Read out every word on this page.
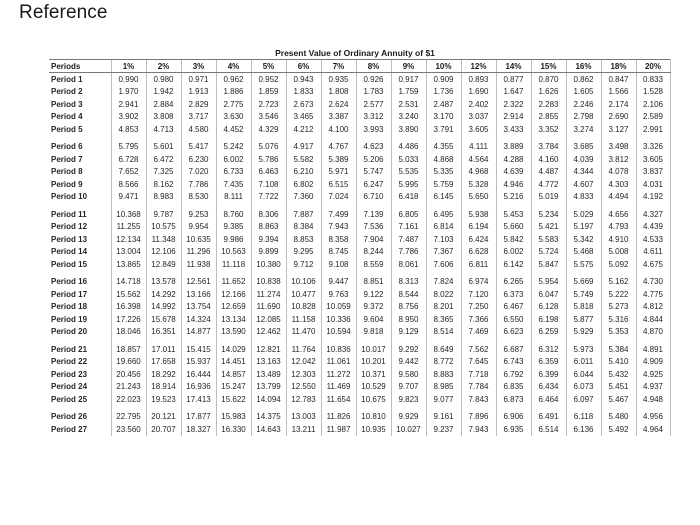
Reference
Present Value of Ordinary Annuity of $1
Periods	1%	2%	3%	4%	5%	6%	7%	8%	9%	10%	12%	14%	15%	16%	18%	20%
Period 1	0.990	0.980	0.971	0.962	0.952	0.943	0.935	0.926	0.917	0.909	0.893	0.877	0.870	0.862	0.847	0.833
Period 2	1.970	1.942	1.913	1.886	1.859	1.833	1.808	1.783	1.759	1.736	1.690	1.647	1.626	1.605	1.566	1.528
Period 3	2.941	2.884	2.829	2.775	2.723	2.673	2.624	2.577	2.531	2.487	2.402	2.322	2.283	2.246	2.174	2.106
Period 4	3.902	3.808	3.717	3.630	3.546	3.465	3.387	3.312	3.240	3.170	3.037	2.914	2.855	2.798	2.690	2.589
Period 5	4.853	4.713	4.580	4.452	4.329	4.212	4.100	3.993	3.890	3.791	3.605	3.433	3.352	3.274	3.127	2.991
Period 6	5.795	5.601	5.417	5.242	5.076	4.917	4.767	4.623	4.486	4.355	4.111	3.889	3.784	3.685	3.498	3.326
Period 7	6.728	6.472	6.230	6.002	5.786	5.582	5.389	5.206	5.033	4.868	4.564	4.288	4.160	4.039	3.812	3.605
Period 8	7.652	7.325	7.020	6.733	6.463	6.210	5.971	5.747	5.535	5.335	4.968	4.639	4.487	4.344	4.078	3.837
Period 9	8.566	8.162	7.786	7.435	7.108	6.802	6.515	6.247	5.995	5.759	5.328	4.946	4.772	4.607	4.303	4.031
Period 10	9.471	8.983	8.530	8.111	7.722	7.360	7.024	6.710	6.418	6.145	5.650	5.216	5.019	4.833	4.494	4.192
Period 11	10.368	9.787	9.253	8.760	8.306	7.887	7.499	7.139	6.805	6.495	5.938	5.453	5.234	5.029	4.656	4.327
Period 12	11.255	10.575	9.954	9.385	8.863	8.384	7.943	7.536	7.161	6.814	6.194	5.660	5.421	5.197	4.793	4.439
Period 13	12.134	11.348	10.635	9.986	9.394	8.853	8.358	7.904	7.487	7.103	6.424	5.842	5.583	5.342	4.910	4.533
Period 14	13.004	12.106	11.296	10.563	9.899	9.295	8.745	8.244	7.786	7.367	6.628	6.002	5.724	5.468	5.008	4.611
Period 15	13.865	12.849	11.938	11.118	10.380	9.712	9.108	8.559	8.061	7.606	6.811	6.142	5.847	5.575	5.092	4.675
Period 16	14.718	13.578	12.561	11.652	10.838	10.106	9.447	8.851	8.313	7.824	6.974	6.265	5.954	5.669	5.162	4.730
Period 17	15.562	14.292	13.166	12.166	11.274	10.477	9.763	9.122	8.544	8.022	7.120	6.373	6.047	5.749	5.222	4.775
Period 18	16.398	14.992	13.754	12.659	11.690	10.828	10.059	9.372	8.756	8.201	7.250	6.467	6.128	5.818	5.273	4.812
Period 19	17.226	15.678	14.324	13.134	12.085	11.158	10.336	9.604	8.950	8.365	7.366	6.550	6.198	5.877	5.316	4.844
Period 20	18.046	16.351	14.877	13.590	12.462	11.470	10.594	9.818	9.129	8.514	7.469	6.623	6.259	5.929	5.353	4.870
Period 21	18.857	17.011	15.415	14.029	12.821	11.764	10.836	10.017	9.292	8.649	7.562	6.687	6.312	5.973	5.384	4.891
Period 22	19.660	17.658	15.937	14.451	13.163	12.042	11.061	10.201	9.442	8.772	7.645	6.743	6.359	6.011	5.410	4.909
Period 23	20.456	18.292	16.444	14.857	13.489	12.303	11.272	10.371	9.580	8.883	7.718	6.792	6.399	6.044	5.432	4.925
Period 24	21.243	18.914	16.936	15.247	13.799	12.550	11.469	10.529	9.707	8.985	7.784	6.835	6.434	6.073	5.451	4.937
Period 25	22.023	19.523	17.413	15.622	14.094	12.783	11.654	10.675	9.823	9.077	7.843	6.873	6.464	6.097	5.467	4.948
Period 26	22.795	20.121	17.877	15.983	14.375	13.003	11.826	10.810	9.929	9.161	7.896	6.906	6.491	6.118	5.480	4.956
Period 27	23.560	20.707	18.327	16.330	14.643	13.211	11.987	10.935	10.027	9.237	7.943	6.935	6.514	6.136	5.492	4.964
